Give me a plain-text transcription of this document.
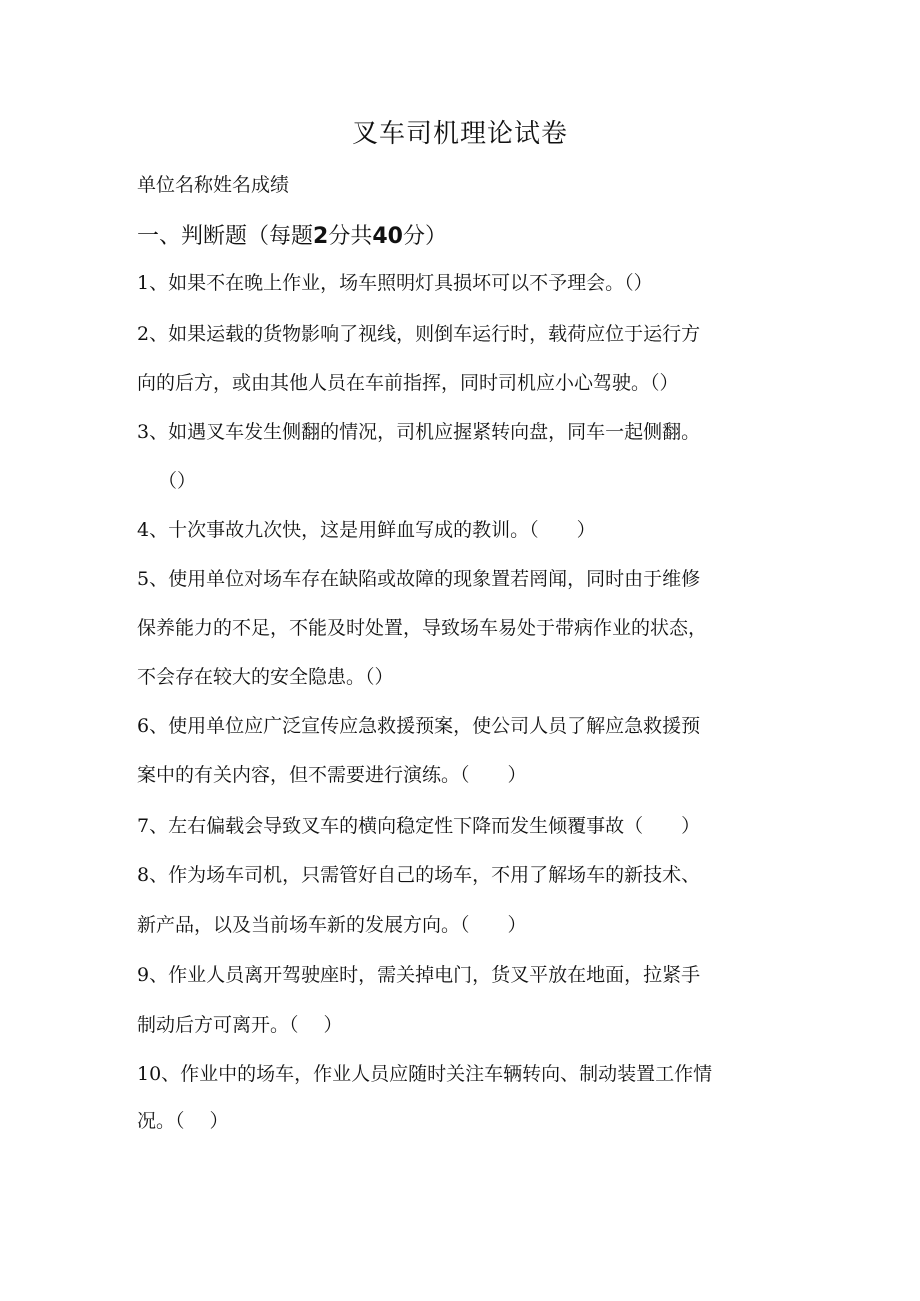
叉车司机理论试卷
单位名称姓名成绩
一、判断题（每题2分共40分）
1、如果不在晚上作业，场车照明灯具损坏可以不予理会。（）
2、如果运载的货物影响了视线，则倒车运行时，载荷应位于运行方
向的后方，或由其他人员在车前指挥，同时司机应小心驾驶。（）
3、如遇叉车发生侧翻的情况，司机应握紧转向盘，同车一起侧翻。
（）
4、十次事故九次快，这是用鲜血写成的教训。（　　）
5、使用单位对场车存在缺陷或故障的现象置若罔闻，同时由于维修
保养能力的不足，不能及时处置，导致场车易处于带病作业的状态，
不会存在较大的安全隐患。（）
6、使用单位应广泛宣传应急救援预案，使公司人员了解应急救援预
案中的有关内容，但不需要进行演练。（　　）
7、左右偏载会导致叉车的横向稳定性下降而发生倾覆事故（　　）
8、作为场车司机，只需管好自己的场车，不用了解场车的新技术、
新产品，以及当前场车新的发展方向。（　　）
9、作业人员离开驾驶座时，需关掉电门，货叉平放在地面，拉紧手
制动后方可离开。（　 ）
10、作业中的场车，作业人员应随时关注车辆转向、制动装置工作情
况。（　 ）
